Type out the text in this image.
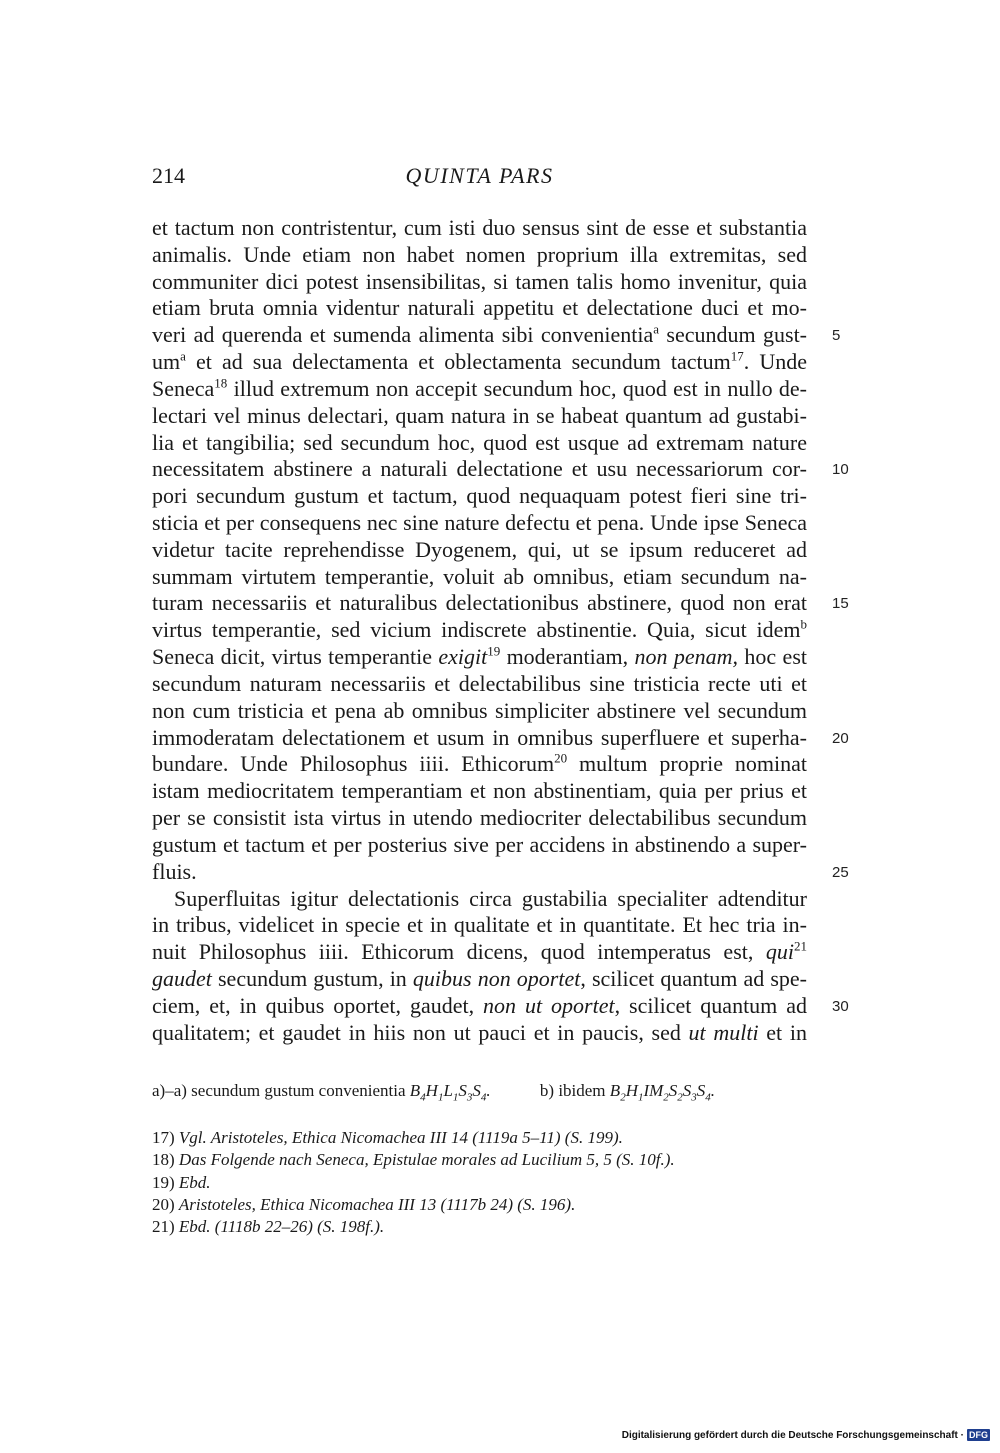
214	QUINTA PARS
et tactum non contristentur, cum isti duo sensus sint de esse et substantia
animalis. Unde etiam non habet nomen proprium illa extremitas, sed
communiter dici potest insensibilitas, si tamen talis homo invenitur, quia
etiam bruta omnia videntur naturali appetitu et delectatione duci et mo-
veri ad querenda et sumenda alimenta sibi convenientia$^a$ secundum gust- 5
$um^a$ et ad sua delectamenta et oblectamenta secundum tactum$^{17}$. Unde
Seneca$^{18}$ illud extremum non accepit secundum hoc, quod est in nullo de-
lectari vel minus delectari, quam natura in se habeat quantum ad gustabi-
lia et tangibilia; sed secundum hoc, quod est usque ad extremam nature
necessitatem abstinere a naturali delectatione et usu necessariorum cor- 10
pori secundum gustum et tactum, quod nequaquam potest fieri sine tri-
sticia et per consequens nec sine nature defectu et pena. Unde ipse Seneca
videtur tacite reprehendisse Dyogenem, qui, ut se ipsum reduceret ad
summam virtutem temperantie, voluit ab omnibus, etiam secundum na-
turam necessariis et naturalibus delectationibus abstinere, quod non erat 15
virtus temperantie, sed vicium indiscrete abstinentie. Quia, sicut idem$^b$
Seneca dicit, virtus temperantie exigit$^{19}$ moderantiam, non penam, hoc est
secundum naturam necessariis et delectabilibus sine tristicia recte uti et
non cum tristicia et pena ab omnibus simpliciter abstinere vel secundum
immoderatam delectationem et usum in omnibus superfluere et superha- 20
bundare. Unde Philosophus iiii. Ethicorum$^{20}$ multum proprie nominat
istam mediocritatem temperantiam et non abstinentiam, quia per prius et
per se consistit ista virtus in utendo mediocriter delectabilibus secundum
gustum et tactum et per posterius sive per accidens in abstinendo a super-
fluis.	25
Superfluitas igitur delectationis circa gustabilia specialiter adtenditur
in tribus, videlicet in specie et in qualitate et in quantitate. Et hec tria in-
nuit Philosophus iiii. Ethicorum dicens, quod intemperatus est, qui$^{21}$
gaudet secundum gustum, in quibus non oportet, scilicet quantum ad spe-
ciem, et, in quibus oportet, gaudet, non ut oportet, scilicet quantum ad 30
qualitatem; et gaudet in hiis non ut pauci et in paucis, sed ut multi et in
a)–a) secundum gustum convenientia $B_4H_1L_1S_3S_4$.	b) ibidem $B_2H_1IM_2S_2S_3S_4$.
17) Vgl. Aristoteles, Ethica Nicomachea III 14 (1119a 5–11) (S. 199).
18) Das Folgende nach Seneca, Epistulae morales ad Lucilium 5, 5 (S. 10f.).
19) Ebd.
20) Aristoteles, Ethica Nicomachea III 13 (1117b 24) (S. 196).
21) Ebd. (1118b 22–26) (S. 198f.).
Digitalisierung gefördert durch die Deutsche Forschungsgemeinschaft · DFG
